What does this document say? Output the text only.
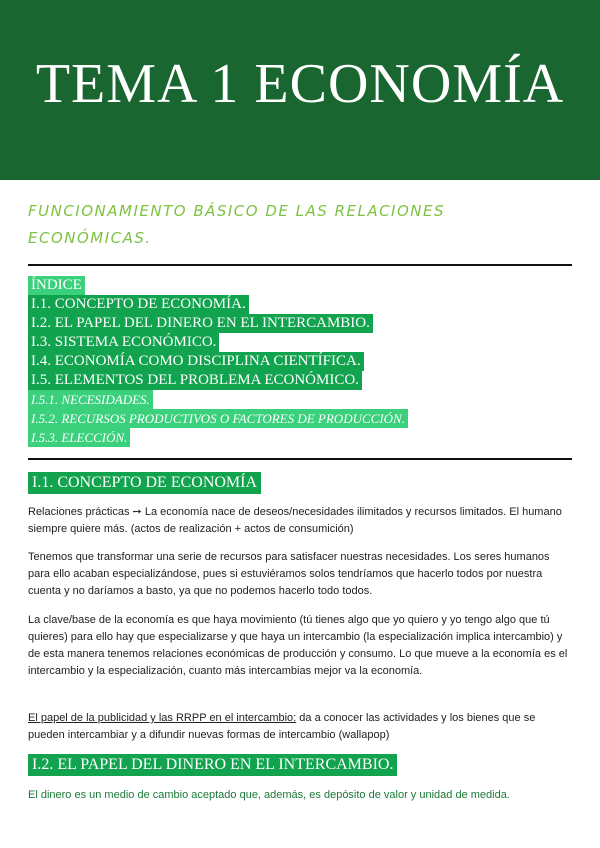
TEMA 1 ECONOMÍA
FUNCIONAMIENTO BÁSICO DE LAS RELACIONES ECONÓMICAS.
ÍNDICE
I.1. CONCEPTO DE ECONOMÍA.
I.2. EL PAPEL DEL DINERO EN EL INTERCAMBIO.
I.3. SISTEMA ECONÓMICO.
I.4. ECONOMÍA COMO DISCIPLINA CIENTÍFICA.
I.5. ELEMENTOS DEL PROBLEMA ECONÓMICO.
I.5.1. NECESIDADES.
I.5.2. RECURSOS PRODUCTIVOS O FACTORES DE PRODUCCIÓN.
I.5.3. ELECCIÓN.
I.1. CONCEPTO DE ECONOMÍA
Relaciones prácticas ➙ La economía nace de deseos/necesidades ilimitados y recursos limitados. El humano siempre quiere más. (actos de realización + actos de consumición)
Tenemos que transformar una serie de recursos para satisfacer nuestras necesidades. Los seres humanos para ello acaban especializándose, pues si estuviéramos solos tendríamos que hacerlo todos por nuestra cuenta y no daríamos a basto, ya que no podemos hacerlo todo todos.
La clave/base de la economía es que haya movimiento (tú tienes algo que yo quiero y yo tengo algo que tú quieres) para ello hay que especializarse y que haya un intercambio (la especialización implica intercambio) y de esta manera tenemos relaciones económicas de producción y consumo. Lo que mueve a la economía es el intercambio y la especialización, cuanto más intercambias mejor va la economía.
El papel de la publicidad y las RRPP en el intercambio: da a conocer las actividades y los bienes que se pueden intercambiar y a difundir nuevas formas de intercambio (wallapop)
I.2. EL PAPEL DEL DINERO EN EL INTERCAMBIO.
El dinero es un medio de cambio aceptado que, además, es depósito de valor y unidad de medida.
